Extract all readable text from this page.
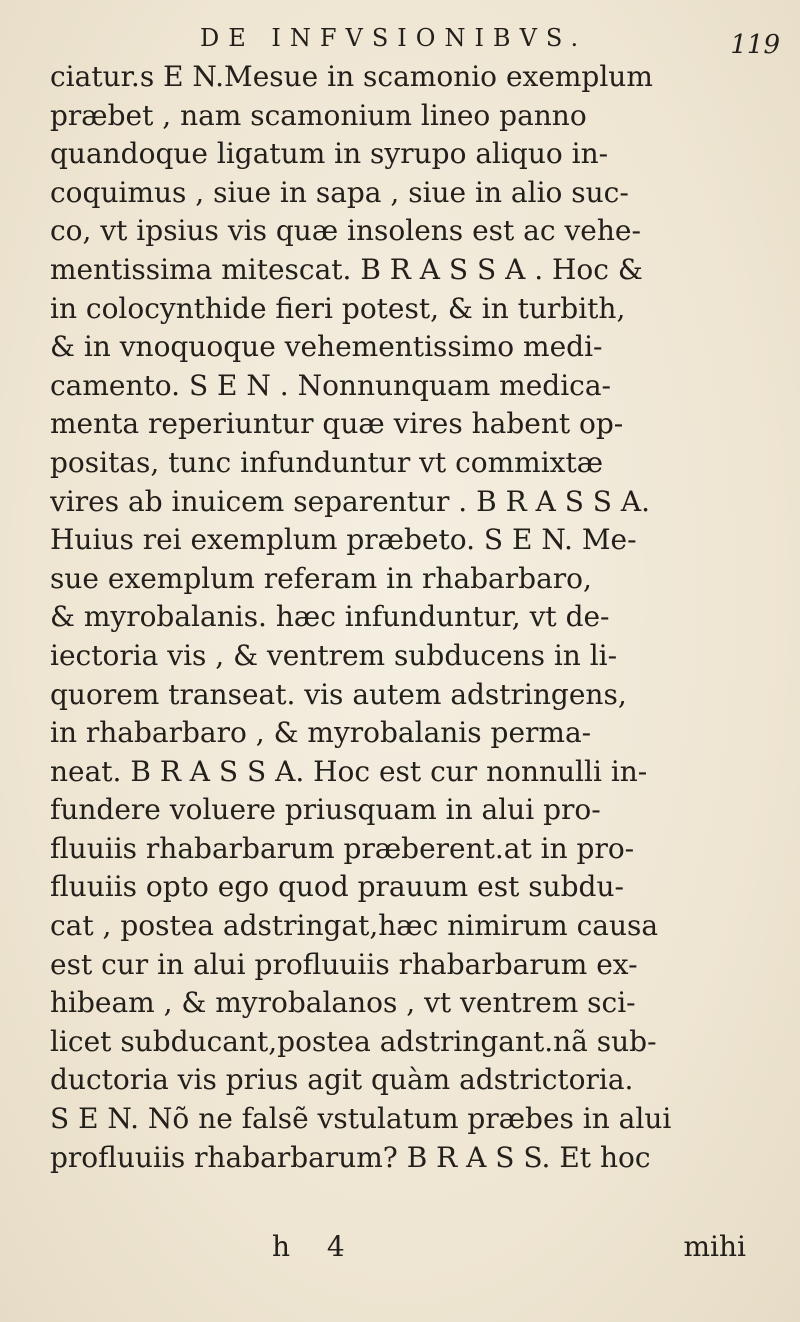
DE INFVSIONIBVS.	119
ciatur.s E N.Mesue in scamonio exemplum
præbet , nam scamonium lineo panno
quandoque ligatum in syrupo aliquo in-
coquimus , siue in sapa , siue in alio suc-
co, vt ipsius vis quæ insolens est ac vehe-
mentissima mitescat. B R A S S A . Hoc &
in colocynthide fieri potest, & in turbith,
& in vnoquoque vehementissimo medi-
camento. S E N . Nonnunquam medica-
menta reperiuntur quæ vires habent op-
positas, tunc infunduntur vt commixtæ
vires ab inuicem separentur . B R A S S A.
Huius rei exemplum præbeto. S E N. Me-
sue exemplum referam in rhabarbaro,
& myrobalanis. hæc infunduntur, vt de-
iectoria vis , & ventrem subducens in li-
quorem transeat. vis autem adstringens,
in rhabarbaro , & myrobalanis perma-
neat. B R A S S A. Hoc est cur nonnulli in-
fundere voluere priusquam in alui pro-
fluuiis rhabarbarum præberent.at in pro-
fluuiis opto ego quod prauum est subdu-
cat , postea adstringat,hæc nimirum causa
est cur in alui profluuiis rhabarbarum ex-
hibeam , & myrobalanos , vt ventrem sci-
licet subducant,postea adstringant.nã sub-
ductoria vis prius agit quàm adstrictoria.
S E N. Nõ ne falsẽ vstulatum præbes in alui
profluuiis rhabarbarum? B R A S S. Et hoc
h 4	mihi
